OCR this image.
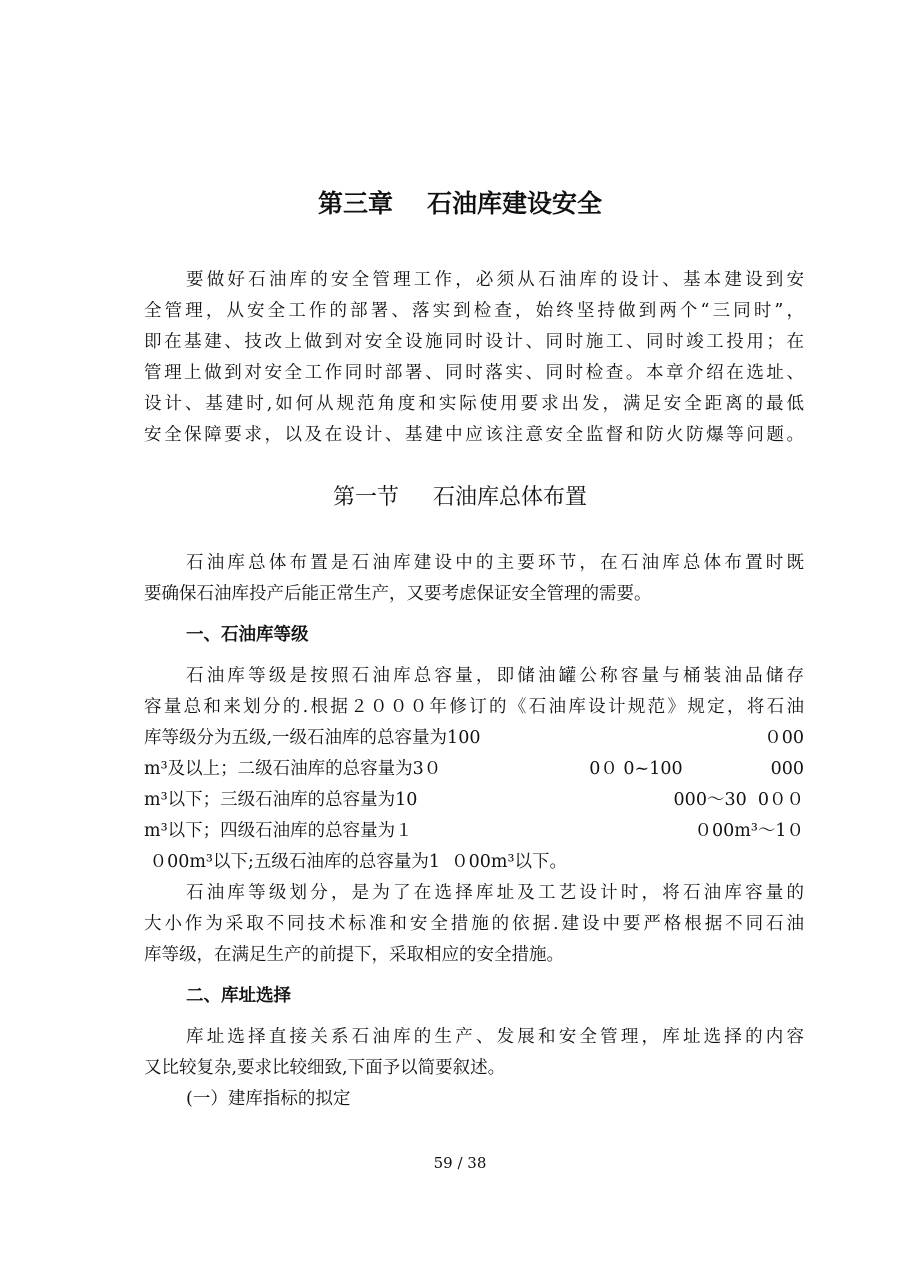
第三章 石油库建设安全
要做好石油库的安全管理工作，必须从石油库的设计、基本建设到安
全管理，从安全工作的部署、落实到检查，始终坚持做到两个“三同时”，
即在基建、技改上做到对安全设施同时设计、同时施工、同时竣工投用；在
管理上做到对安全工作同时部署、同时落实、同时检查。本章介绍在选址、
设计、基建时,如何从规范角度和实际使用要求出发，满足安全距离的最低
安全保障要求，以及在设计、基建中应该注意安全监督和防火防爆等问题。
第一节 石油库总体布置
石油库总体布置是石油库建设中的主要环节，在石油库总体布置时既
要确保石油库投产后能正常生产，又要考虑保证安全管理的需要。
一、石油库等级
石油库等级是按照石油库总容量，即储油罐公称容量与桶装油品储存
容量总和来划分的.根据２０００年修订的《石油库设计规范》规定，将石油
库等级分为五级,一级石油库的总容量为100	０00
m³及以上；二级石油库的总容量为3０	0０ 0~100	000
m³以下；三级石油库的总容量为10	000～30  0００
m³以下；四级石油库的总容量为１	０00m³～1０
０00m³以下;五级石油库的总容量为1  ０00m³以下。
石油库等级划分，是为了在选择库址及工艺设计时，将石油库容量的
大小作为采取不同技术标准和安全措施的依据.建设中要严格根据不同石油
库等级，在满足生产的前提下，采取相应的安全措施。
二、库址选择
库址选择直接关系石油库的生产、发展和安全管理，库址选择的内容
又比较复杂,要求比较细致,下面予以简要叙述。
(一）建库指标的拟定
59 / 38
